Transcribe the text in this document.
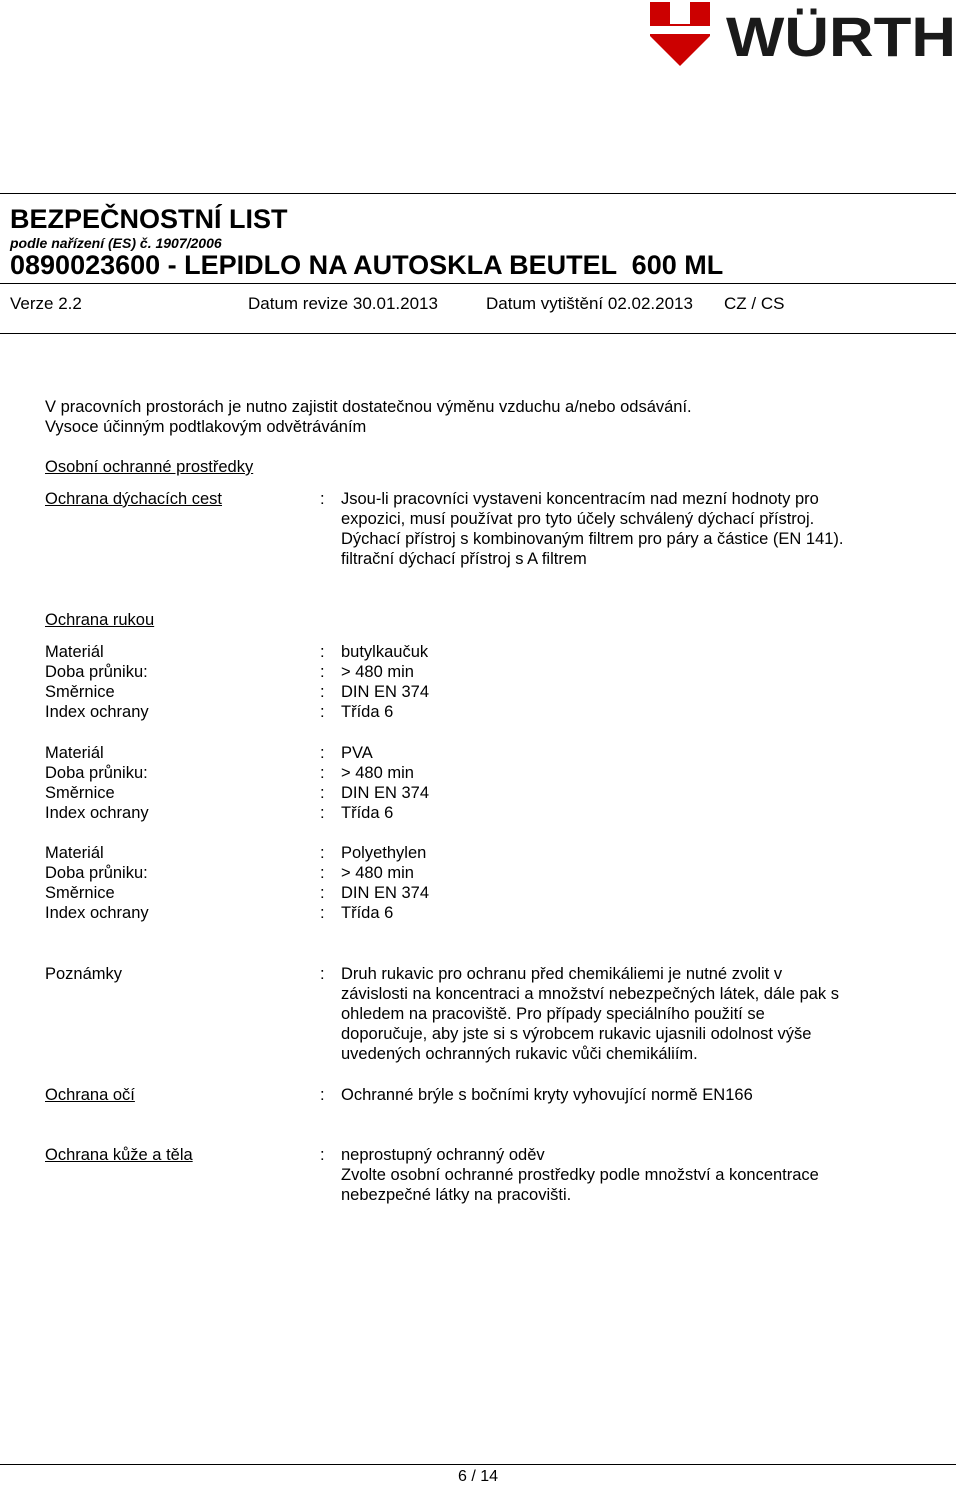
WÜRTH
BEZPEČNOSTNÍ LIST
podle nařízení (ES) č. 1907/2006
0890023600 - LEPIDLO NA AUTOSKLA BEUTEL  600 ML
Verze 2.2	Datum revize 30.01.2013	Datum vytištění 02.02.2013 CZ / CS
V pracovních prostorách je nutno zajistit dostatečnou výměnu vzduchu a/nebo odsávání.
Vysoce účinným podtlakovým odvětráváním
Osobní ochranné prostředky
Ochrana dýchacích cest	: Jsou-li pracovníci vystaveni koncentracím nad mezní hodnoty pro
expozici, musí používat pro tyto účely schválený dýchací přístroj.
Dýchací přístroj s kombinovaným filtrem pro páry a částice (EN 141).
filtrační dýchací přístroj s A filtrem
Ochrana rukou
Materiál	: butylkaučuk
Doba průniku:	: > 480 min
Směrnice	: DIN EN 374
Index ochrany	: Třída 6
Materiál	: PVA
Doba průniku:	: > 480 min
Směrnice	: DIN EN 374
Index ochrany	: Třída 6
Materiál	: Polyethylen
Doba průniku:	: > 480 min
Směrnice	: DIN EN 374
Index ochrany	: Třída 6
Poznámky	: Druh rukavic pro ochranu před chemikáliemi je nutné zvolit v
závislosti na koncentraci a množství nebezpečných látek, dále pak s
ohledem na pracoviště. Pro případy speciálního použití se
doporučuje, aby jste si s výrobcem rukavic ujasnili odolnost výše
uvedených ochranných rukavic vůči chemikáliím.
Ochrana očí	: Ochranné brýle s bočními kryty vyhovující normě EN166
Ochrana kůže a těla	: neprostupný ochranný oděv
Zvolte osobní ochranné prostředky podle množství a koncentrace
nebezpečné látky na pracovišti.
6 / 14
